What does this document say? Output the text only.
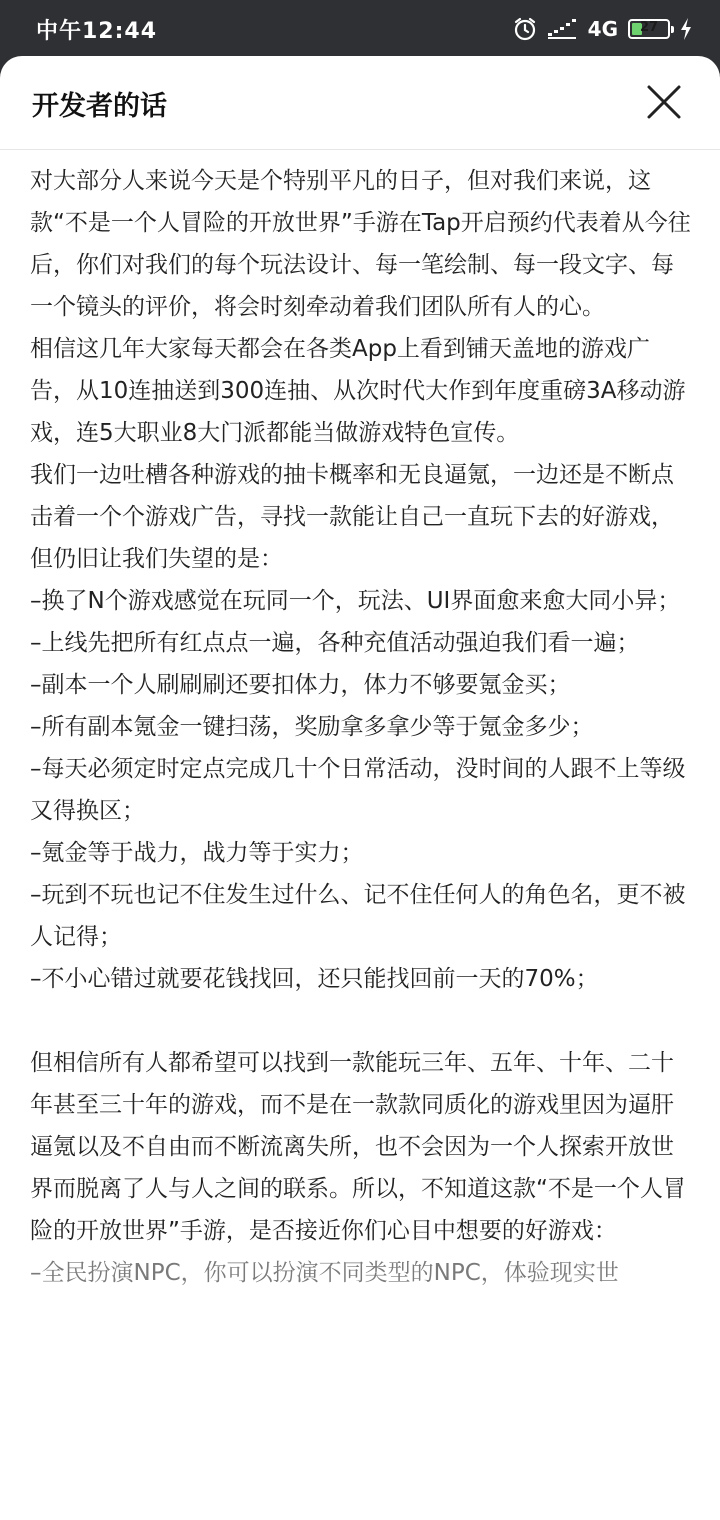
中午12:44	4G	27
开发者的话

对大部分人来说今天是个特别平凡的日子，但对我们来说，这款“不是一个人冒险的开放世界”手游在Tap开启预约代表着从今往后，你们对我们的每个玩法设计、每一笔绘制、每一段文字、每一个镜头的评价，将会时刻牵动着我们团队所有人的心。

相信这几年大家每天都会在各类App上看到铺天盖地的游戏广告，从10连抽送到300连抽、从次时代大作到年度重磅3A移动游戏，连5大职业8大门派都能当做游戏特色宣传。

我们一边吐槽各种游戏的抽卡概率和无良逼氪，一边还是不断点击着一个个游戏广告，寻找一款能让自己一直玩下去的好游戏，但仍旧让我们失望的是：

–换了N个游戏感觉在玩同一个，玩法、UI界面愈来愈大同小异；

–上线先把所有红点点一遍，各种充值活动强迫我们看一遍；

–副本一个人刷刷刷还要扣体力，体力不够要氪金买；

–所有副本氪金一键扫荡，奖励拿多拿少等于氪金多少；

–每天必须定时定点完成几十个日常活动，没时间的人跟不上等级又得换区；

–氪金等于战力，战力等于实力；

–玩到不玩也记不住发生过什么、记不住任何人的角色名，更不被人记得；

–不小心错过就要花钱找回，还只能找回前一天的70%；

但相信所有人都希望可以找到一款能玩三年、五年、十年、二十年甚至三十年的游戏，而不是在一款款同质化的游戏里因为逼肝逼氪以及不自由而不断流离失所，也不会因为一个人探索开放世界而脱离了人与人之间的联系。所以，不知道这款“不是一个人冒险的开放世界”手游，是否接近你们心目中想要的好游戏：

–全民扮演NPC，你可以扮演不同类型的NPC，体验现实世
